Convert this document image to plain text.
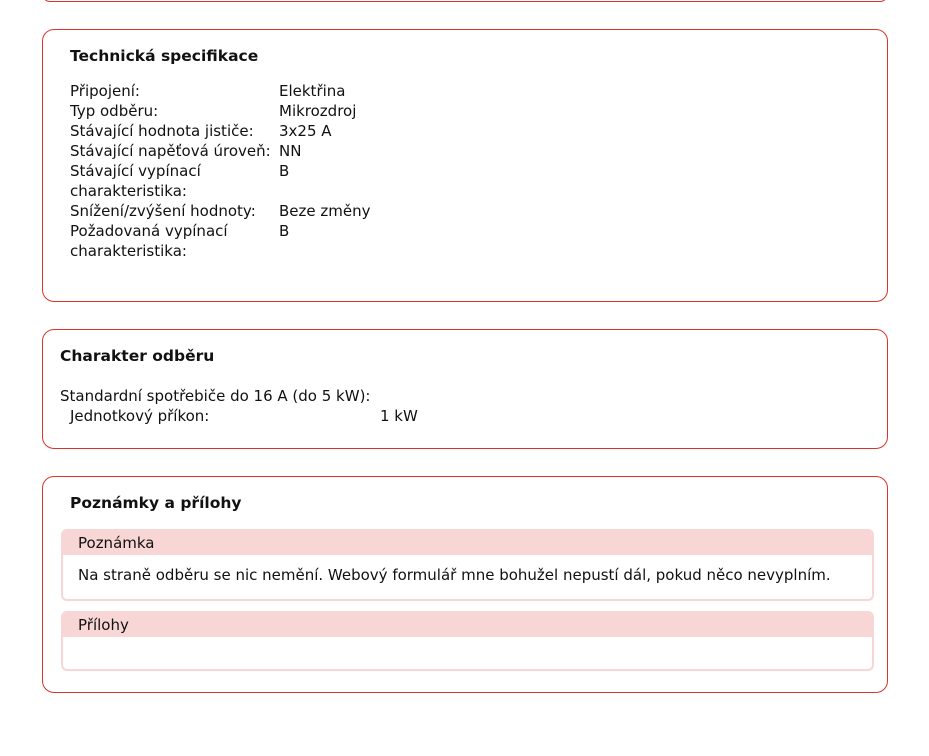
Technická specifikace
Připojení:	Elektřina
Typ odběru:	Mikrozdroj
Stávající hodnota jističe: 3x25 A
Stávající napěťová úroveň: NN
Stávající vypínací	B
charakteristika:
Snížení/zvýšení hodnoty: Beze změny
Požadovaná vypínací	B
charakteristika:
Charakter odběru
Standardní spotřebiče do 16 A (do 5 kW):
Jednotkový příkon:	1 kW
Poznámky a přílohy
Poznámka
Na straně odběru se nic nemění. Webový formulář mne bohužel nepustí dál, pokud něco nevyplním.
Přílohy
